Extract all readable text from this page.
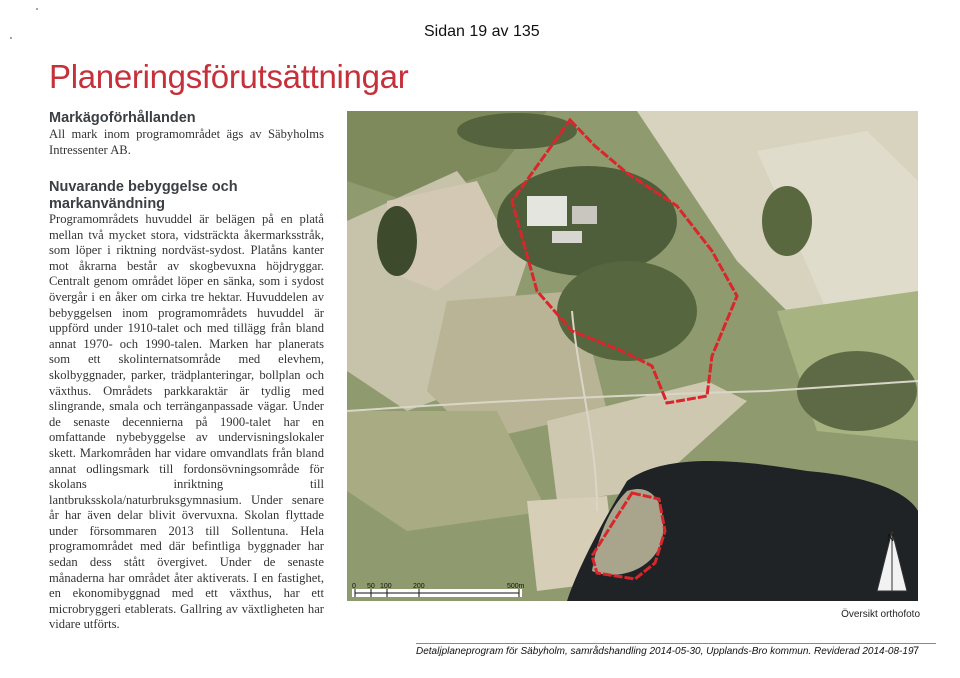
Sidan 19 av 135
Planeringsförutsättningar
Markägoförhållanden

All mark inom programområdet ägs av Säbyholms Intressenter AB.

Nuvarande bebyggelse och markanvändning

Programområdets huvuddel är belägen på en platå mellan två mycket stora, vidsträckta åkermarksstråk, som löper i riktning nordväst-sydost. Platåns kanter mot åkrarna består av skogbevuxna höjdryggar. Centralt genom området löper en sänka, som i sydost övergår i en åker om cirka tre hektar. Huvuddelen av bebyggelsen inom programområdets huvuddel är uppförd under 1910-talet och med tillägg från bland annat 1970- och 1990-talen. Marken har planerats som ett skolinternatsområde med elevhem, skolbyggnader, parker, trädplanteringar, bollplan och växthus. Områdets parkkaraktär är tydlig med slingrande, smala och terränganpassade vägar. Under de senaste decennierna på 1900-talet har en omfattande nybebyggelse av undervisningslokaler skett. Markområden har vidare omvandlats från bland annat odlingsmark till fordonsövningsområde för skolans inriktning till lantbruksskola/naturbruksgymnasium. Under senare år har även delar blivit övervuxna. Skolan flyttade under försommaren 2013 till Sollentuna. Hela programområdet med där befintliga byggnader har sedan dess stått övergivet. Under de senaste månaderna har området åter aktiverats. I en fastighet, en ekonomibyggnad med ett växthus, har ett microbryggeri etablerats. Gallring av växtligheten har vidare utförts.

0 50 100	200	500m
N
Översikt orthofoto
Detaljplaneprogram för Säbyholm, samrådshandling 2014-05-30, Upplands-Bro kommun. Reviderad 2014-08-19 7
